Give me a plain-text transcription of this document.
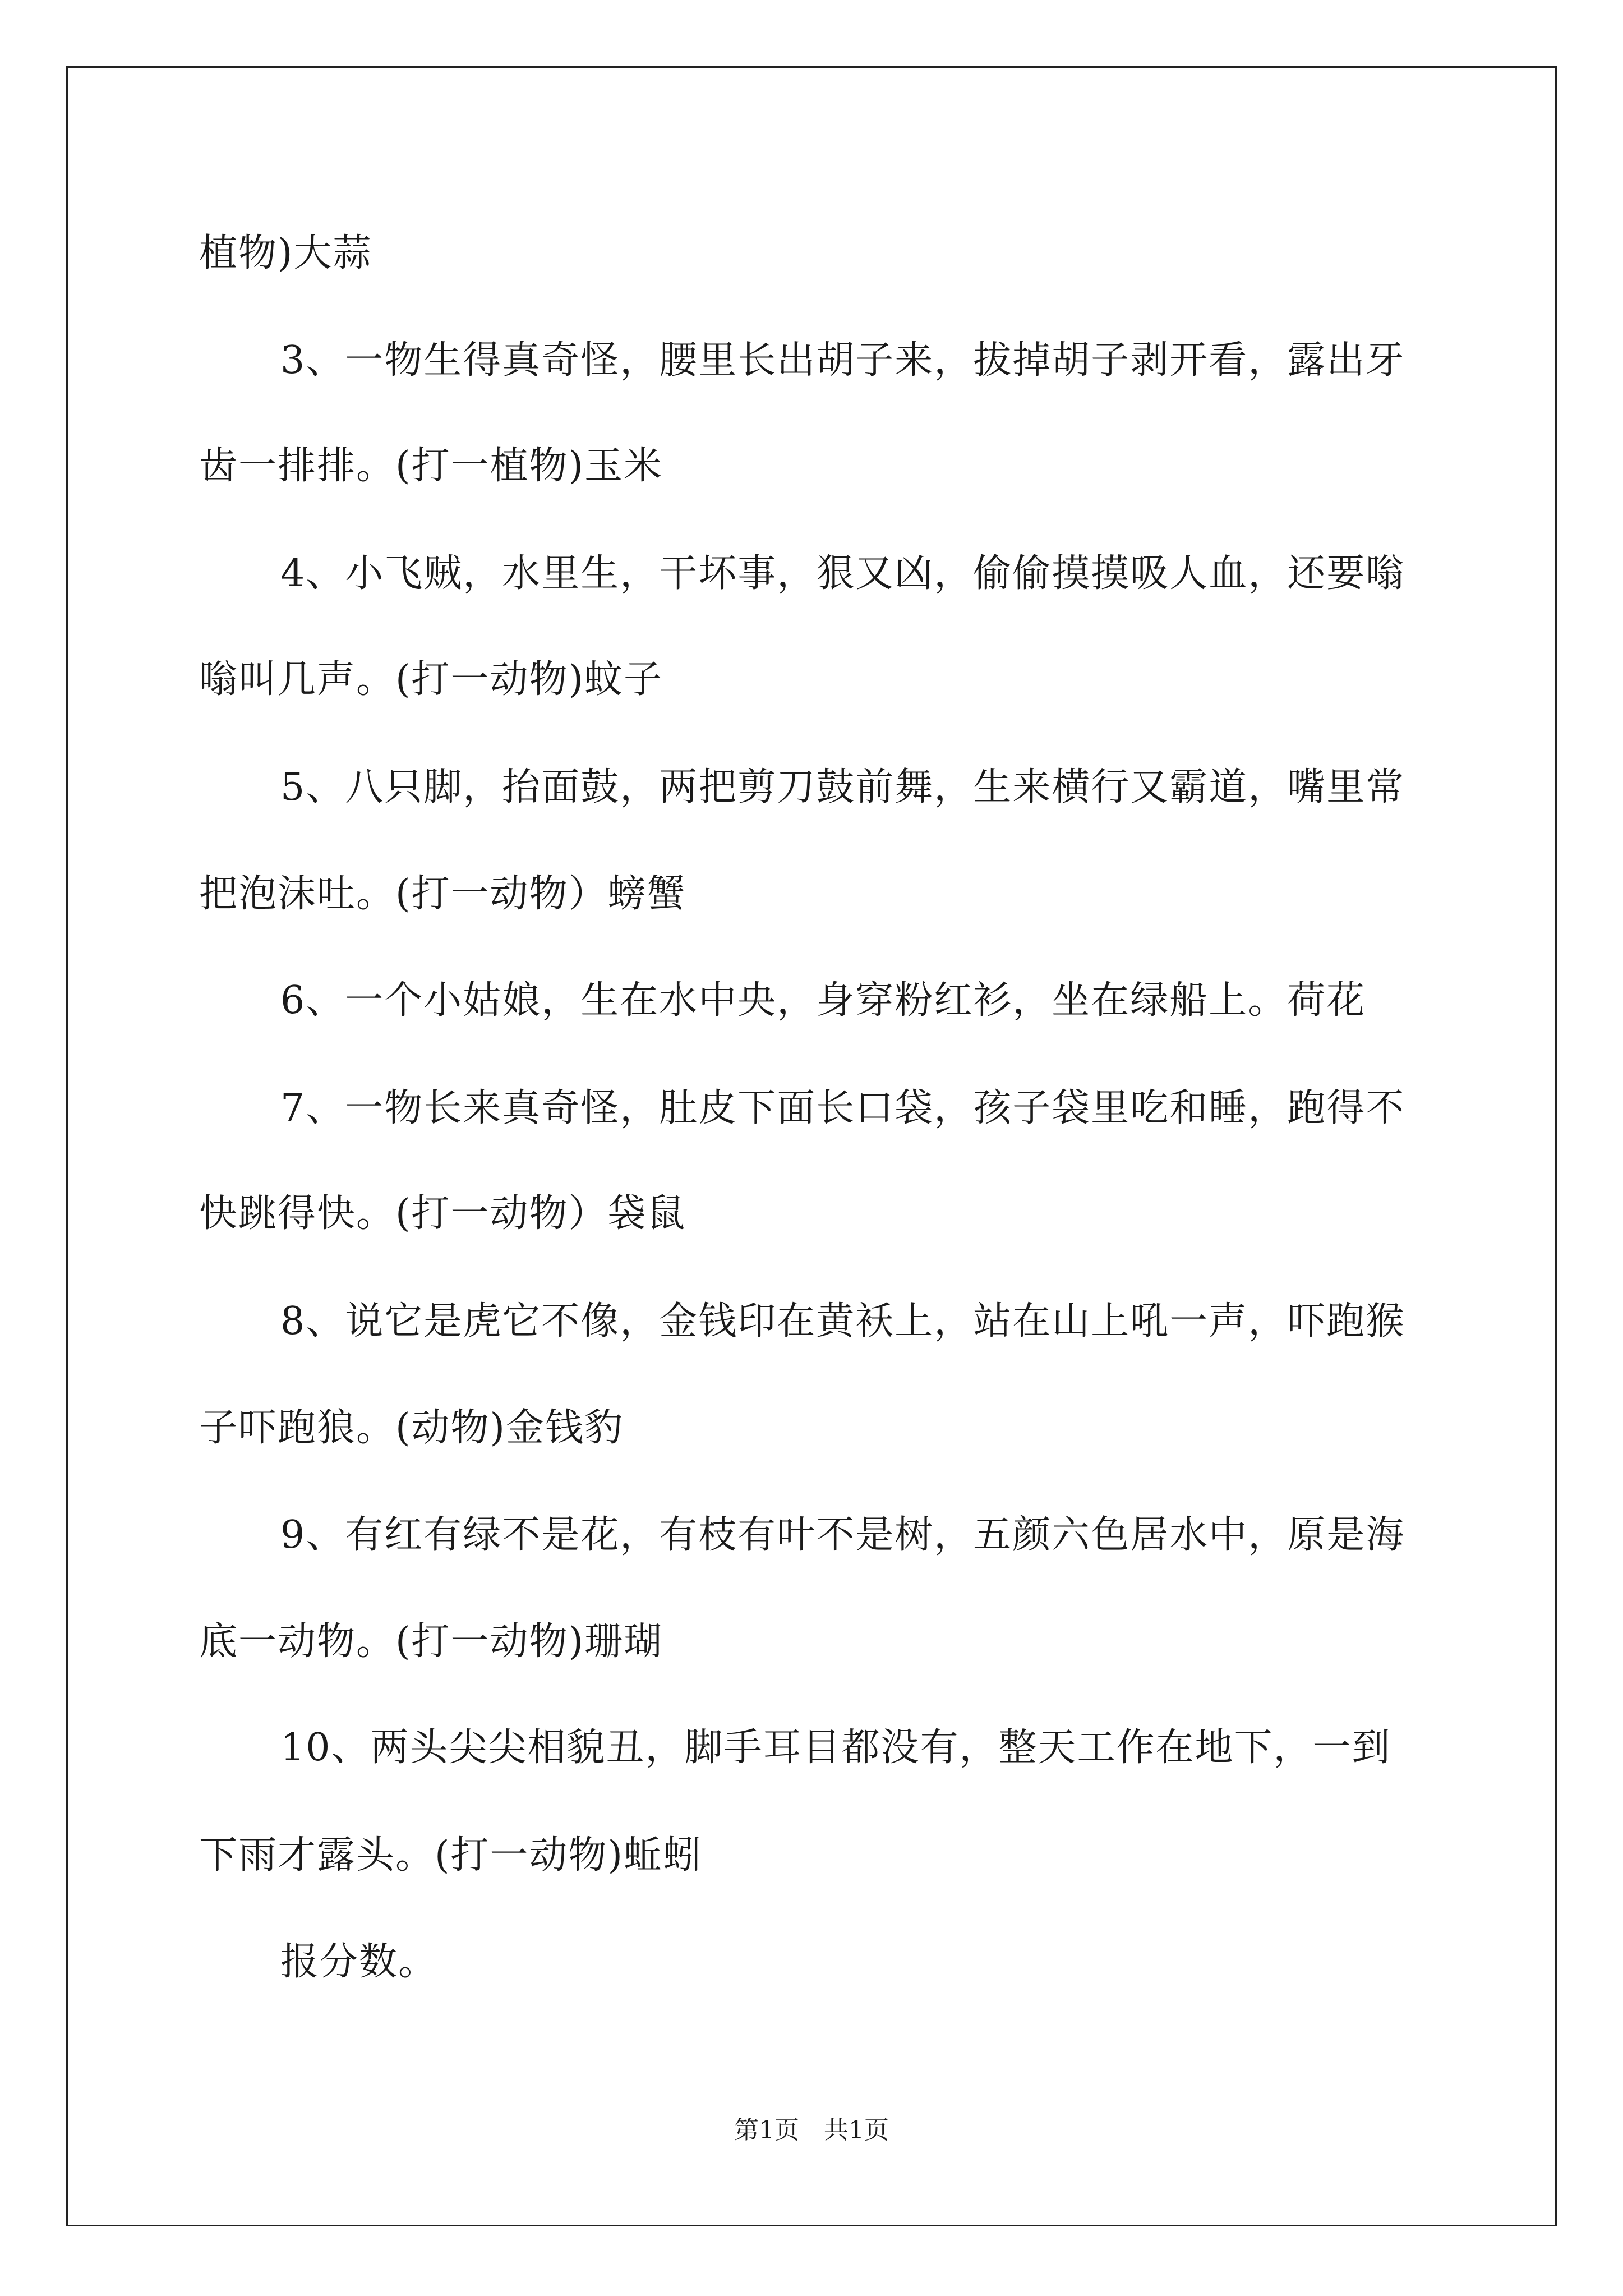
植物)大蒜
3、一物生得真奇怪，腰里长出胡子来，拔掉胡子剥开看，露出牙
齿一排排。(打一植物)玉米
4、小飞贼，水里生，干坏事，狠又凶，偷偷摸摸吸人血，还要嗡
嗡叫几声。(打一动物)蚊子
5、八只脚，抬面鼓，两把剪刀鼓前舞，生来横行又霸道，嘴里常
把泡沫吐。(打一动物）螃蟹
6、一个小姑娘，生在水中央，身穿粉红衫，坐在绿船上。荷花
7、一物长来真奇怪，肚皮下面长口袋，孩子袋里吃和睡，跑得不
快跳得快。(打一动物）袋鼠
8、说它是虎它不像，金钱印在黄袄上，站在山上吼一声，吓跑猴
子吓跑狼。(动物)金钱豹
9、有红有绿不是花，有枝有叶不是树，五颜六色居水中，原是海
底一动物。(打一动物)珊瑚
10、两头尖尖相貌丑，脚手耳目都没有，整天工作在地下，一到
下雨才露头。(打一动物)蚯蚓
报分数。
第1页　共1页
